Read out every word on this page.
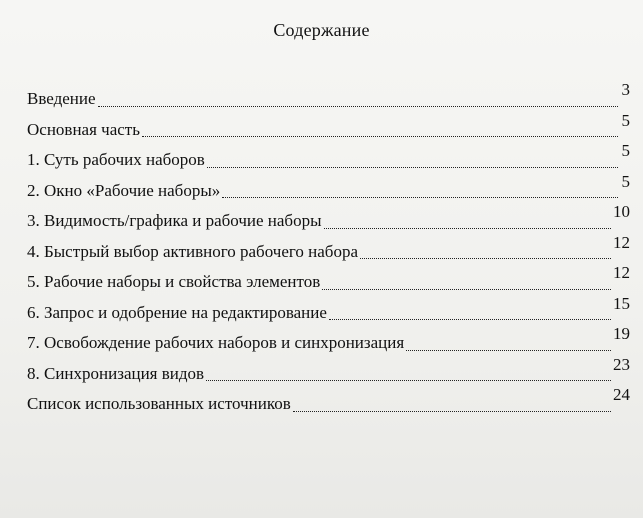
Содержание
Введение	3
Основная часть	5
1. Суть рабочих наборов	5
2. Окно «Рабочие наборы»	5
3. Видимость/графика и рабочие наборы	10
4. Быстрый выбор активного рабочего набора	12
5. Рабочие наборы и свойства элементов	12
6. Запрос и одобрение на редактирование	15
7. Освобождение рабочих наборов и синхронизация	19
8. Синхронизация видов	23
Список использованных источников	24
